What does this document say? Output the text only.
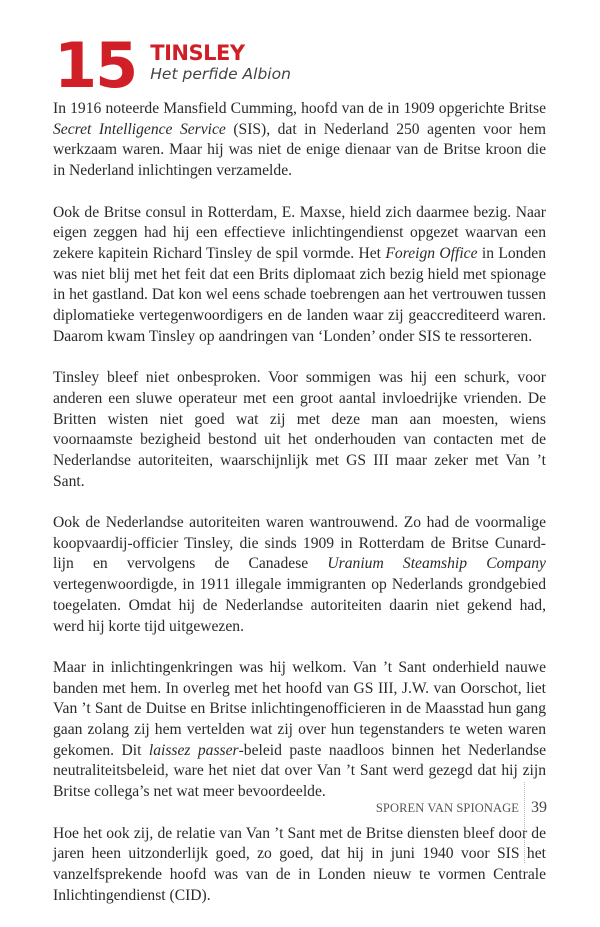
15 TINSLEY
Het perfide Albion

In 1916 noteerde Mansfield Cumming, hoofd van de in 1909 opgerichte Britse Secret Intelligence Service (SIS), dat in Nederland 250 agenten voor hem werkzaam waren. Maar hij was niet de enige dienaar van de Britse kroon die in Nederland inlichtingen verzamelde.

Ook de Britse consul in Rotterdam, E. Maxse, hield zich daarmee bezig. Naar eigen zeggen had hij een effectieve inlichtingendienst opgezet waarvan een zekere kapitein Richard Tinsley de spil vormde. Het Foreign Office in Londen was niet blij met het feit dat een Brits diplomaat zich bezig hield met spionage in het gastland. Dat kon wel eens schade toebrengen aan het vertrouwen tussen diplomatieke vertegenwoordigers en de landen waar zij geaccrediteerd waren. Daarom kwam Tinsley op aandringen van ‘Londen’ onder SIS te ressorteren.

Tinsley bleef niet onbesproken. Voor sommigen was hij een schurk, voor anderen een sluwe operateur met een groot aantal invloedrijke vrienden. De Britten wisten niet goed wat zij met deze man aan moesten, wiens voornaamste bezigheid bestond uit het onderhouden van contacten met de Nederlandse autoriteiten, waarschijnlijk met GS III maar zeker met Van ’t Sant.

Ook de Nederlandse autoriteiten waren wantrouwend. Zo had de voormalige koopvaardij-officier Tinsley, die sinds 1909 in Rotterdam de Britse Cunard-lijn en vervolgens de Canadese Uranium Steamship Company vertegenwoordigde, in 1911 illegale immigranten op Nederlands grondgebied toegelaten. Omdat hij de Nederlandse autoriteiten daarin niet gekend had, werd hij korte tijd uitgewezen.

Maar in inlichtingenkringen was hij welkom. Van ’t Sant onderhield nauwe banden met hem. In overleg met het hoofd van GS III, J.W. van Oorschot, liet Van ’t Sant de Duitse en Britse inlichtingenofficieren in de Maasstad hun gang gaan zolang zij hem vertelden wat zij over hun tegenstanders te weten waren gekomen. Dit laissez passer-beleid paste naadloos binnen het Nederlandse neutraliteitsbeleid, ware het niet dat over Van ’t Sant werd gezegd dat hij zijn Britse collega’s net wat meer bevoordeelde.

Hoe het ook zij, de relatie van Van ’t Sant met de Britse diensten bleef door de jaren heen uitzonderlijk goed, zo goed, dat hij in juni 1940 voor SIS het vanzelfsprekende hoofd was van de in Londen nieuw te vormen Centrale Inlichtingendienst (CID).

SPOREN VAN SPIONAGE 39
